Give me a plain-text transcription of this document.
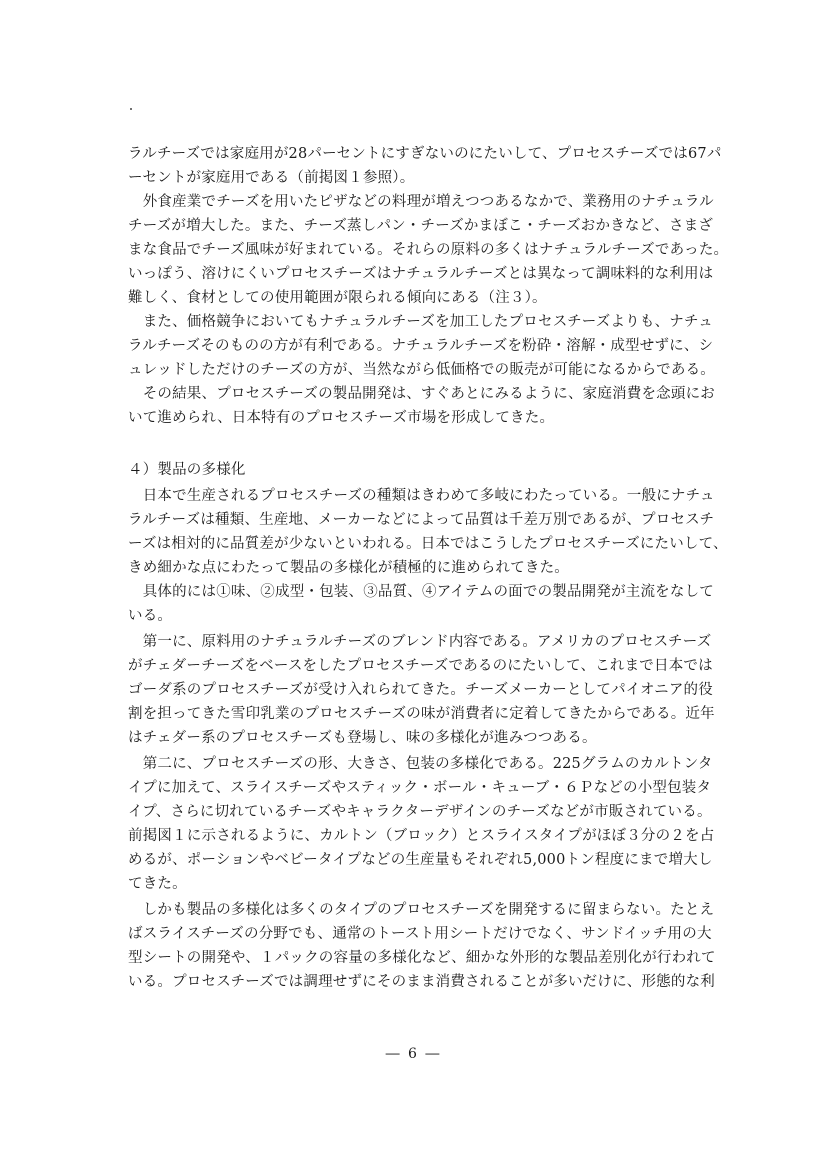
ラルチーズでは家庭用が28パーセントにすぎないのにたいして、プロセスチーズでは67パ
ーセントが家庭用である（前掲図１参照）。
　外食産業でチーズを用いたピザなどの料理が増えつつあるなかで、業務用のナチュラル
チーズが増大した。また、チーズ蒸しパン・チーズかまぼこ・チーズおかきなど、さまざ
まな食品でチーズ風味が好まれている。それらの原料の多くはナチュラルチーズであった。
いっぽう、溶けにくいプロセスチーズはナチュラルチーズとは異なって調味料的な利用は
難しく、食材としての使用範囲が限られる傾向にある（注３）。
　また、価格競争においてもナチュラルチーズを加工したプロセスチーズよりも、ナチュ
ラルチーズそのものの方が有利である。ナチュラルチーズを粉砕・溶解・成型せずに、シ
ュレッドしただけのチーズの方が、当然ながら低価格での販売が可能になるからである。
　その結果、プロセスチーズの製品開発は、すぐあとにみるように、家庭消費を念頭にお
いて進められ、日本特有のプロセスチーズ市場を形成してきた。
４）製品の多様化
　日本で生産されるプロセスチーズの種類はきわめて多岐にわたっている。一般にナチュ
ラルチーズは種類、生産地、メーカーなどによって品質は千差万別であるが、プロセスチ
ーズは相対的に品質差が少ないといわれる。日本ではこうしたプロセスチーズにたいして、
きめ細かな点にわたって製品の多様化が積極的に進められてきた。
　具体的には①味、②成型・包装、③品質、④アイテムの面での製品開発が主流をなして
いる。
　第一に、原料用のナチュラルチーズのブレンド内容である。アメリカのプロセスチーズ
がチェダーチーズをベースをしたプロセスチーズであるのにたいして、これまで日本では
ゴーダ系のプロセスチーズが受け入れられてきた。チーズメーカーとしてパイオニア的役
割を担ってきた雪印乳業のプロセスチーズの味が消費者に定着してきたからである。近年
はチェダー系のプロセスチーズも登場し、味の多様化が進みつつある。
　第二に、プロセスチーズの形、大きさ、包装の多様化である。225グラムのカルトンタ
イプに加えて、スライスチーズやスティック・ボール・キューブ・６Ｐなどの小型包装タ
イプ、さらに切れているチーズやキャラクターデザインのチーズなどが市販されている。
前掲図１に示されるように、カルトン（ブロック）とスライスタイプがほぼ３分の２を占
めるが、ポーションやベビータイプなどの生産量もそれぞれ5,000トン程度にまで増大し
てきた。
　しかも製品の多様化は多くのタイプのプロセスチーズを開発するに留まらない。たとえ
ばスライスチーズの分野でも、通常のトースト用シートだけでなく、サンドイッチ用の大
型シートの開発や、１パックの容量の多様化など、細かな外形的な製品差別化が行われて
いる。プロセスチーズでは調理せずにそのまま消費されることが多いだけに、形態的な利
― 6 ―
